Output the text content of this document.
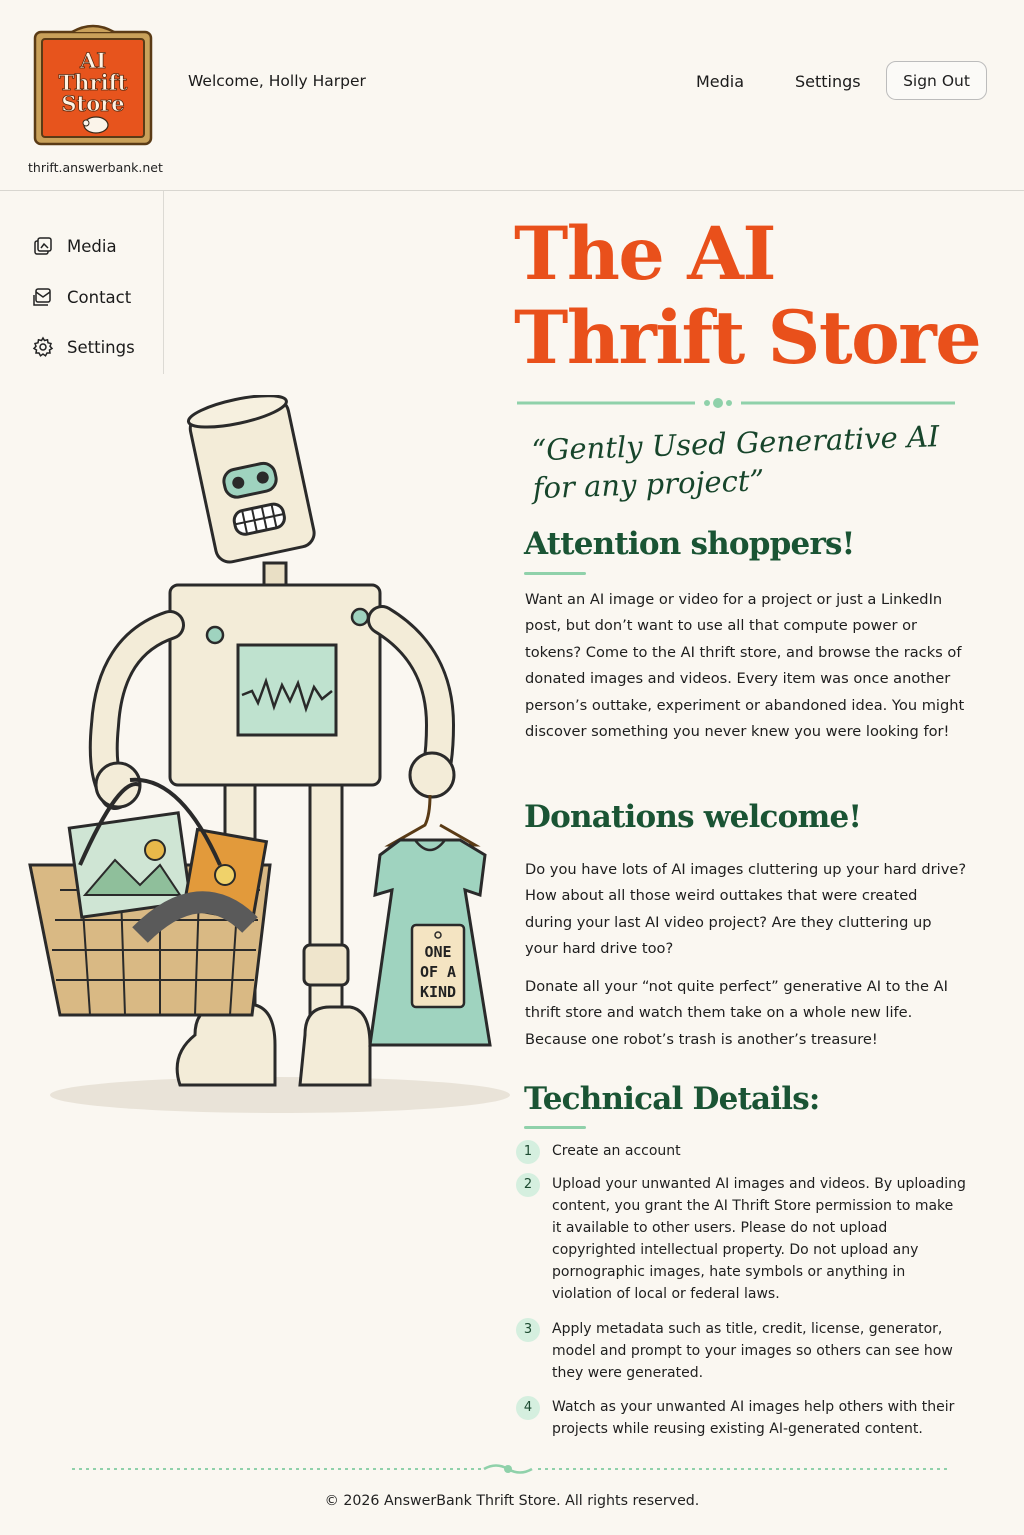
AI
Thrift
Store
thrift.answerbank.net
Welcome, Holly Harper	Media	Settings	Sign Out
Media
Contact
Settings
ONE
OF A
KIND
The AI
Thrift Store
“Gently Used Generative AI for any project”
Attention shoppers!
Want an AI image or video for a project or just a LinkedIn post, but don’t want to use all that compute power or tokens? Come to the AI thrift store, and browse the racks of donated images and videos. Every item was once another person’s outtake, experiment or abandoned idea. You might discover something you never knew you were looking for!
Donations welcome!
Do you have lots of AI images cluttering up your hard drive? How about all those weird outtakes that were created during your last AI video project? Are they cluttering up your hard drive too?
Donate all your “not quite perfect” generative AI to the AI thrift store and watch them take on a whole new life. Because one robot’s trash is another’s treasure!
Technical Details:
1	Create an account
2	Upload your unwanted AI images and videos. By uploading content, you grant the AI Thrift Store permission to make it available to other users. Please do not upload copyrighted intellectual property. Do not upload any pornographic images, hate symbols or anything in violation of local or federal laws.
3	Apply metadata such as title, credit, license, generator, model and prompt to your images so others can see how they were generated.
4	Watch as your unwanted AI images help others with their projects while reusing existing AI-generated content.
© 2026 AnswerBank Thrift Store. All rights reserved.
